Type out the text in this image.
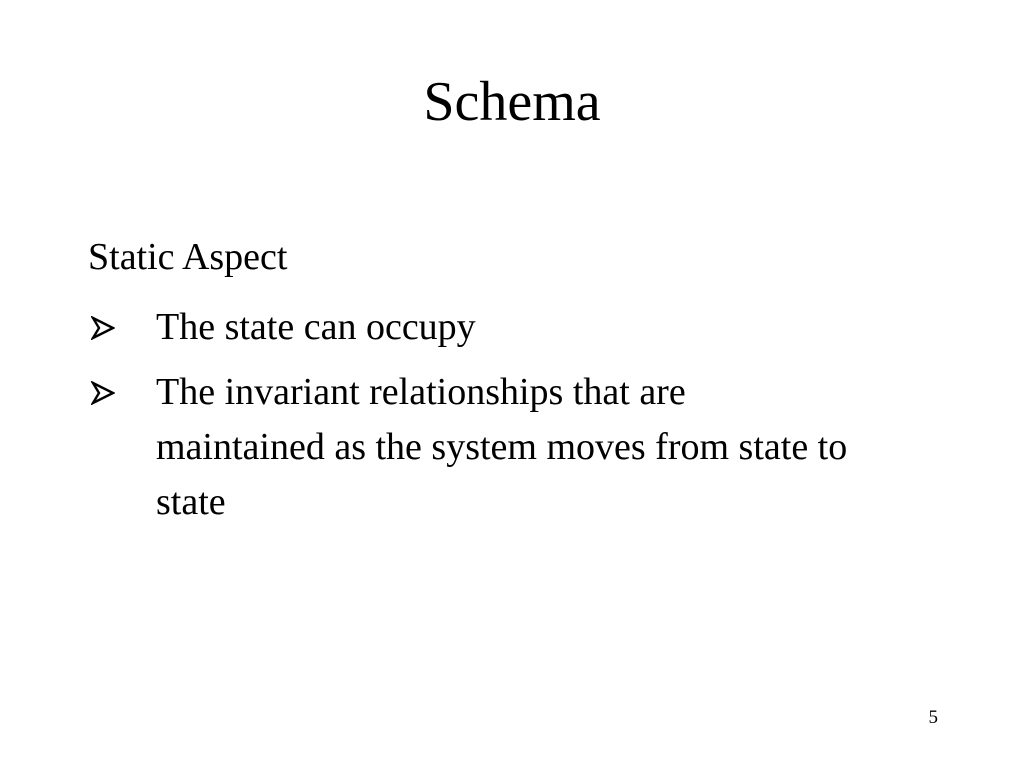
Schema
Static Aspect
The state can occupy
The invariant relationships that are maintained as the system moves from state to state
5
